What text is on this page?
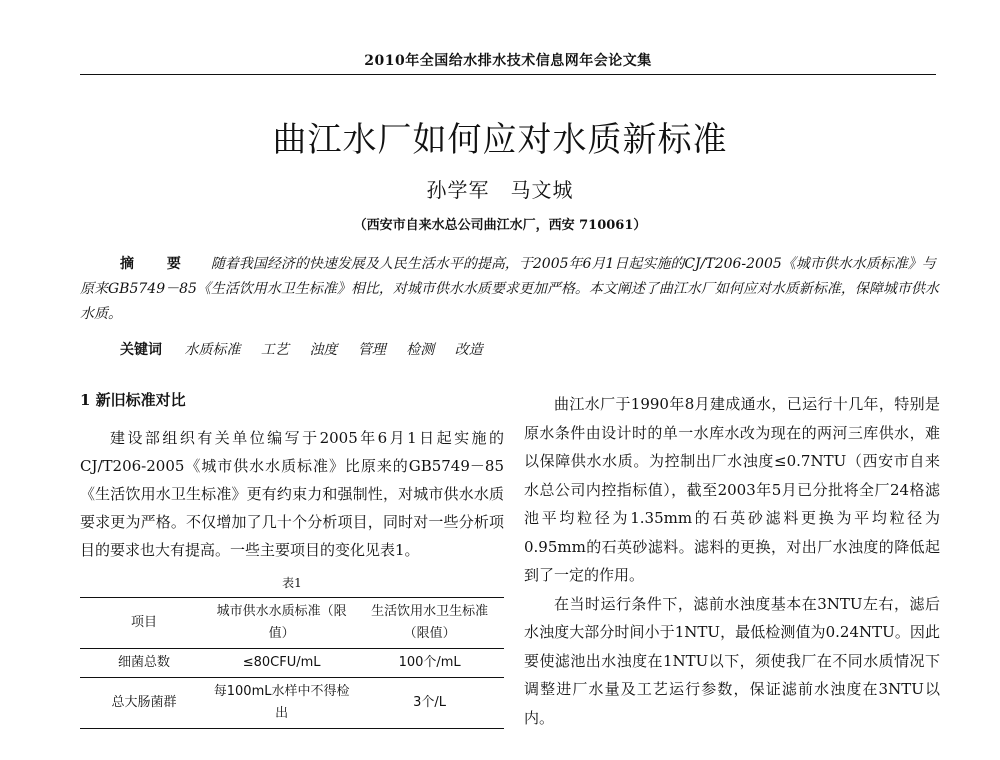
2010年全国给水排水技术信息网年会论文集
曲江水厂如何应对水质新标准
孙学军　马文城
（西安市自来水总公司曲江水厂，西安 710061）
摘 要 随着我国经济的快速发展及人民生活水平的提高，于2005年6月1日起实施的CJ/T206-2005《城市供水水质标准》与原来GB5749－85《生活饮用水卫生标准》相比，对城市供水水质要求更加严格。本文阐述了曲江水厂如何应对水质新标准，保障城市供水水质。
关键词 水质标准 工艺 浊度 管理 检测 改造
1 新旧标准对比

建设部组织有关单位编写于2005年6月1日起实施的CJ/T206-2005《城市供水水质标准》比原来的GB5749－85《生活饮用水卫生标准》更有约束力和强制性，对城市供水水质要求更为严格。不仅增加了几十个分析项目，同时对一些分析项目的要求也大有提高。一些主要项目的变化见表1。

表1
项目	城市供水水质标准（限值）	生活饮用水卫生标准（限值）
细菌总数	≤80CFU/mL	100个/mL
总大肠菌群	每100mL水样中不得检出	3个/L

曲江水厂于1990年8月建成通水，已运行十几年，特别是原水条件由设计时的单一水库水改为现在的两河三库供水，难以保障供水水质。为控制出厂水浊度≤0.7NTU（西安市自来水总公司内控指标值），截至2003年5月已分批将全厂24格滤池平均粒径为1.35mm的石英砂滤料更换为平均粒径为0.95mm的石英砂滤料。滤料的更换，对出厂水浊度的降低起到了一定的作用。

在当时运行条件下，滤前水浊度基本在3NTU左右，滤后水浊度大部分时间小于1NTU，最低检测值为0.24NTU。因此要使滤池出水浊度在1NTU以下，须使我厂在不同水质情况下调整进厂水量及工艺运行参数，保证滤前水浊度在3NTU以内。
